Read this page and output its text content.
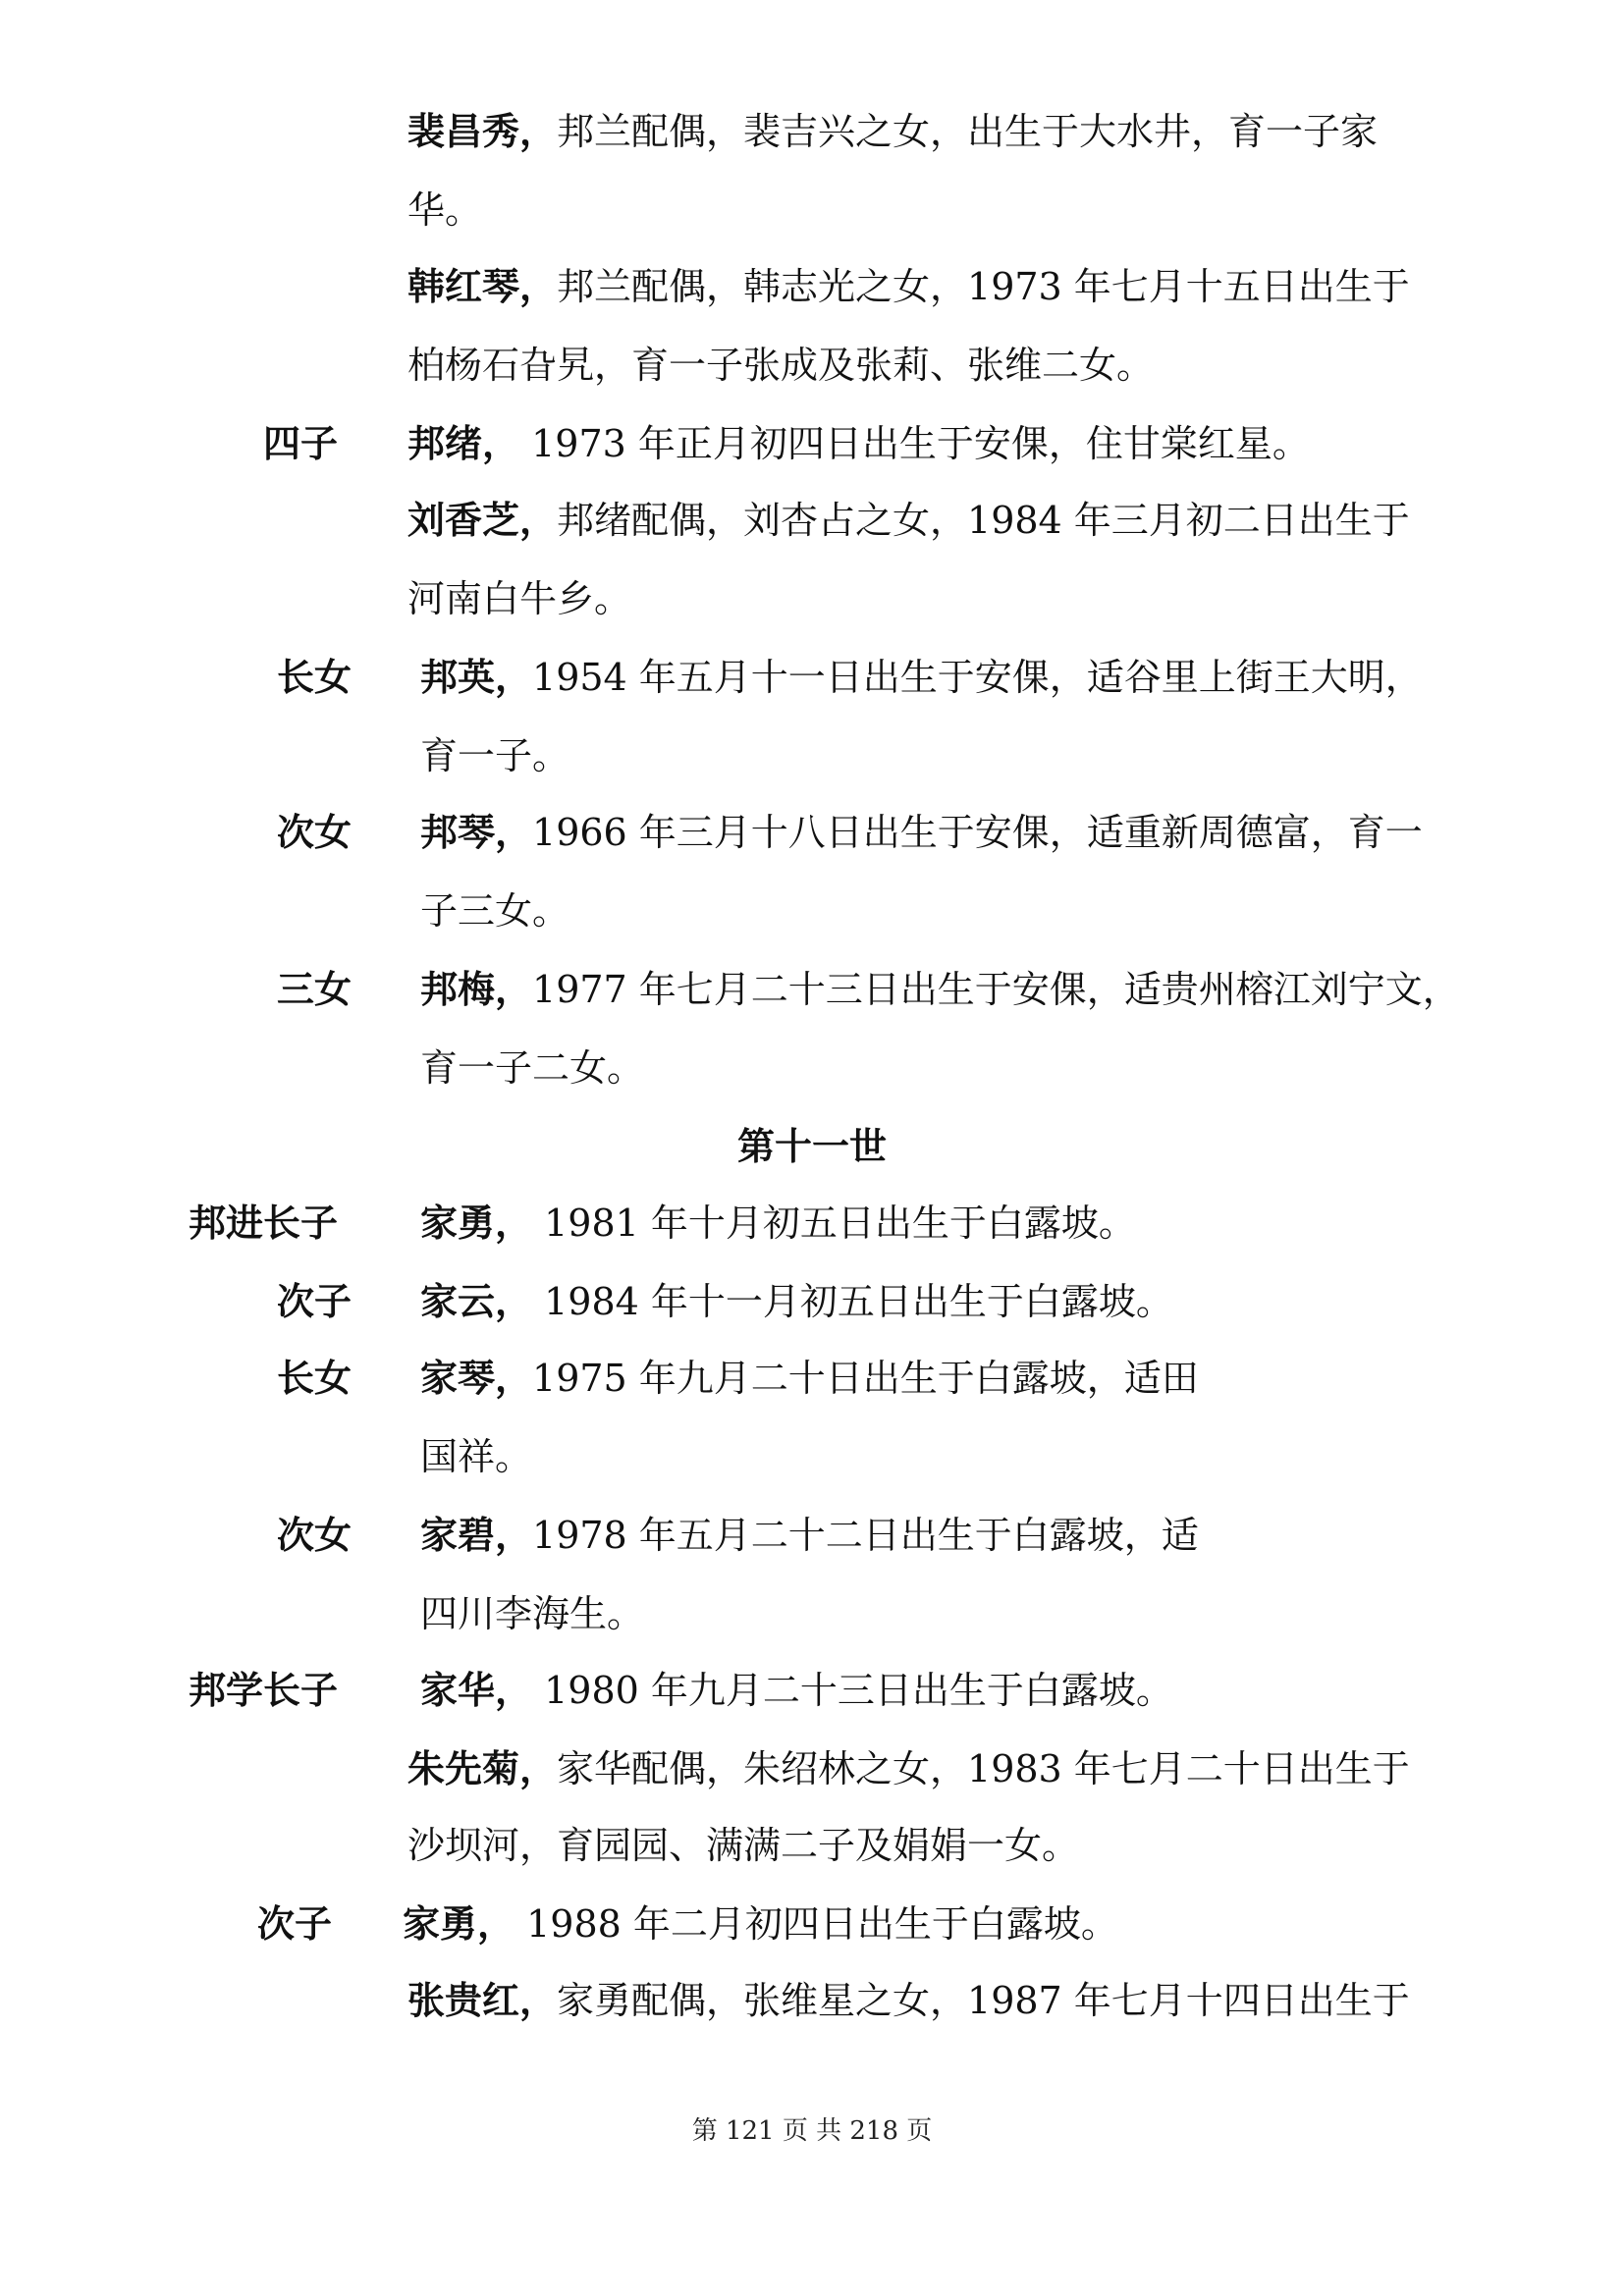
裴昌秀，邦兰配偶，裴吉兴之女，出生于大水井，育一子家
华。
韩红琴，邦兰配偶，韩志光之女，1973 年七月十五日出生于
柏杨石旮旯，育一子张成及张莉、张维二女。
四子 邦绪， 1973 年正月初四日出生于安倮，住甘棠红星。
刘香芝，邦绪配偶，刘杏占之女，1984 年三月初二日出生于
河南白牛乡。
长女 邦英，1954 年五月十一日出生于安倮，适谷里上街王大明，
育一子。
次女 邦琴，1966 年三月十八日出生于安倮，适重新周德富，育一
子三女。
三女 邦梅，1977 年七月二十三日出生于安倮，适贵州榕江刘宁文，
育一子二女。
第十一世
邦进长子 家勇， 1981 年十月初五日出生于白露坡。
次子 家云， 1984 年十一月初五日出生于白露坡。
长女 家琴，1975 年九月二十日出生于白露坡，适田
国祥。
次女 家碧，1978 年五月二十二日出生于白露坡，适
四川李海生。
邦学长子 家华， 1980 年九月二十三日出生于白露坡。
朱先菊，家华配偶，朱绍林之女，1983 年七月二十日出生于
沙坝河，育园园、满满二子及娟娟一女。
次子 家勇， 1988 年二月初四日出生于白露坡。
张贵红，家勇配偶，张维星之女，1987 年七月十四日出生于
第 121 页 共 218 页
